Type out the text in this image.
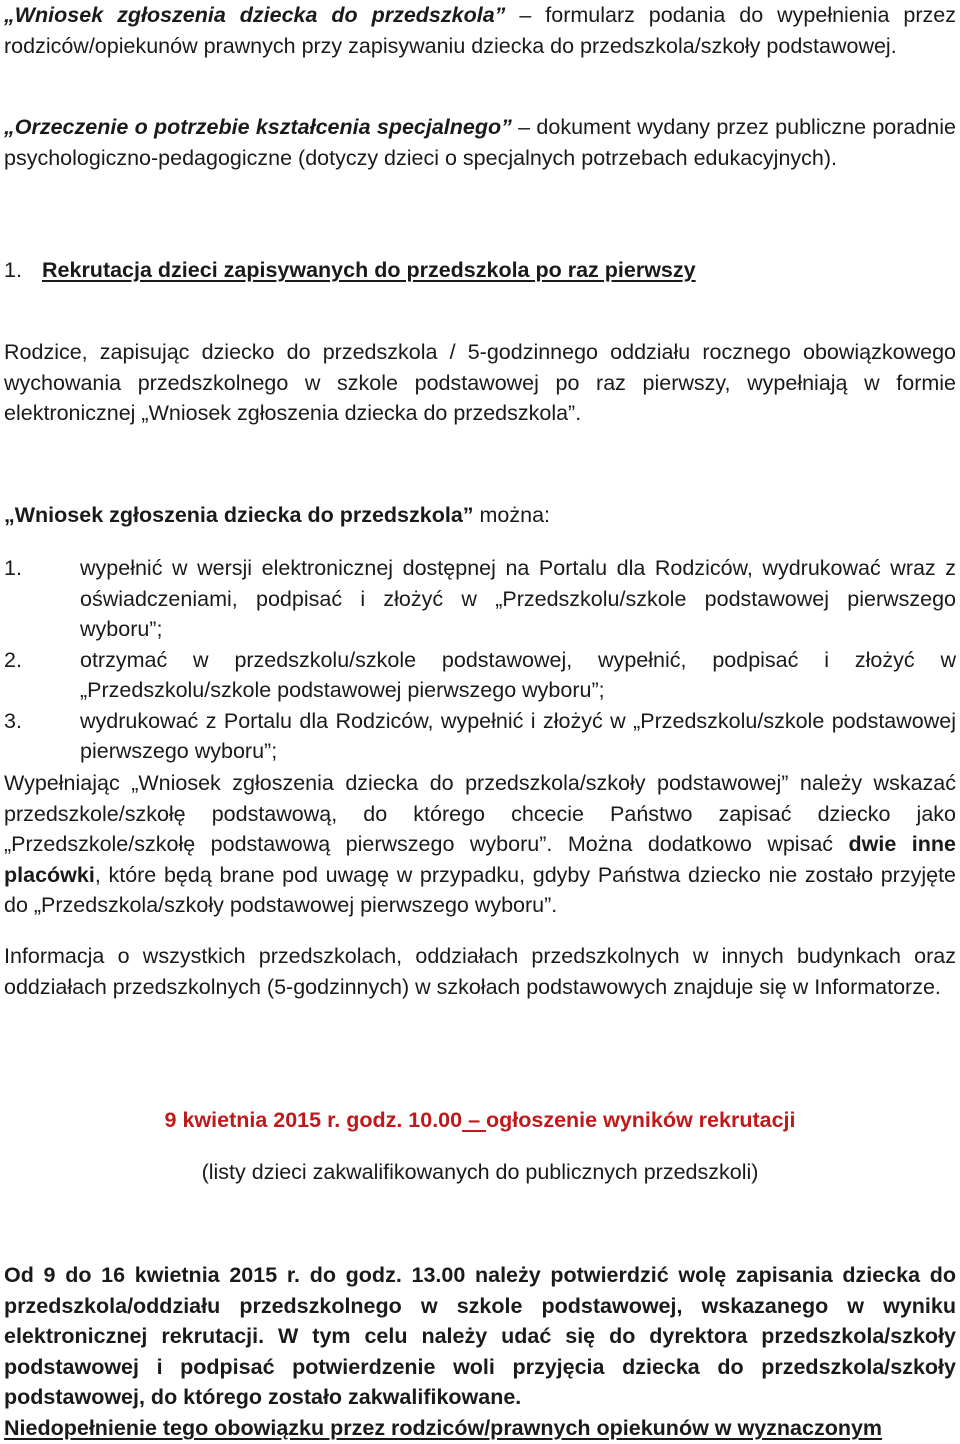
„Wniosek zgłoszenia dziecka do przedszkola” – formularz podania do wypełnienia przez rodziców/opiekunów prawnych przy zapisywaniu dziecka do przedszkola/szkoły podstawowej.

„Orzeczenie o potrzebie kształcenia specjalnego” – dokument wydany przez publiczne poradnie psychologiczno-pedagogiczne (dotyczy dzieci o specjalnych potrzebach edukacyjnych).

1. Rekrutacja dzieci zapisywanych do przedszkola po raz pierwszy

Rodzice, zapisując dziecko do przedszkola / 5-godzinnego oddziału rocznego obowiązkowego wychowania przedszkolnego w szkole podstawowej po raz pierwszy, wypełniają w formie elektronicznej „Wniosek zgłoszenia dziecka do przedszkola”.

„Wniosek zgłoszenia dziecka do przedszkola” można:

1.	wypełnić w wersji elektronicznej dostępnej na Portalu dla Rodziców, wydrukować wraz z oświadczeniami, podpisać i złożyć w „Przedszkolu/szkole podstawowej pierwszego wyboru”;
2.	otrzymać w przedszkolu/szkole podstawowej, wypełnić, podpisać i złożyć w „Przedszkolu/szkole podstawowej pierwszego wyboru”;
3.	wydrukować z Portalu dla Rodziców, wypełnić i złożyć w „Przedszkolu/szkole podstawowej pierwszego wyboru”;

Wypełniając „Wniosek zgłoszenia dziecka do przedszkola/szkoły podstawowej” należy wskazać przedszkole/szkołę podstawową, do którego chcecie Państwo zapisać dziecko jako „Przedszkole/szkołę podstawową pierwszego wyboru”. Można dodatkowo wpisać dwie inne placówki, które będą brane pod uwagę w przypadku, gdyby Państwa dziecko nie zostało przyjęte do „Przedszkola/szkoły podstawowej pierwszego wyboru”.

Informacja o wszystkich przedszkolach, oddziałach przedszkolnych w innych budynkach oraz oddziałach przedszkolnych (5-godzinnych) w szkołach podstawowych znajduje się w Informatorze.

9 kwietnia 2015 r. godz. 10.00 – ogłoszenie wyników rekrutacji

(listy dzieci zakwalifikowanych do publicznych przedszkoli)

Od 9 do 16 kwietnia 2015 r. do godz. 13.00 należy potwierdzić wolę zapisania dziecka do przedszkola/oddziału przedszkolnego w szkole podstawowej, wskazanego w wyniku elektronicznej rekrutacji. W tym celu należy udać się do dyrektora przedszkola/szkoły podstawowej i podpisać potwierdzenie woli przyjęcia dziecka do przedszkola/szkoły podstawowej, do którego zostało zakwalifikowane.

Niedopełnienie tego obowiązku przez rodziców/prawnych opiekunów w wyznaczonym
